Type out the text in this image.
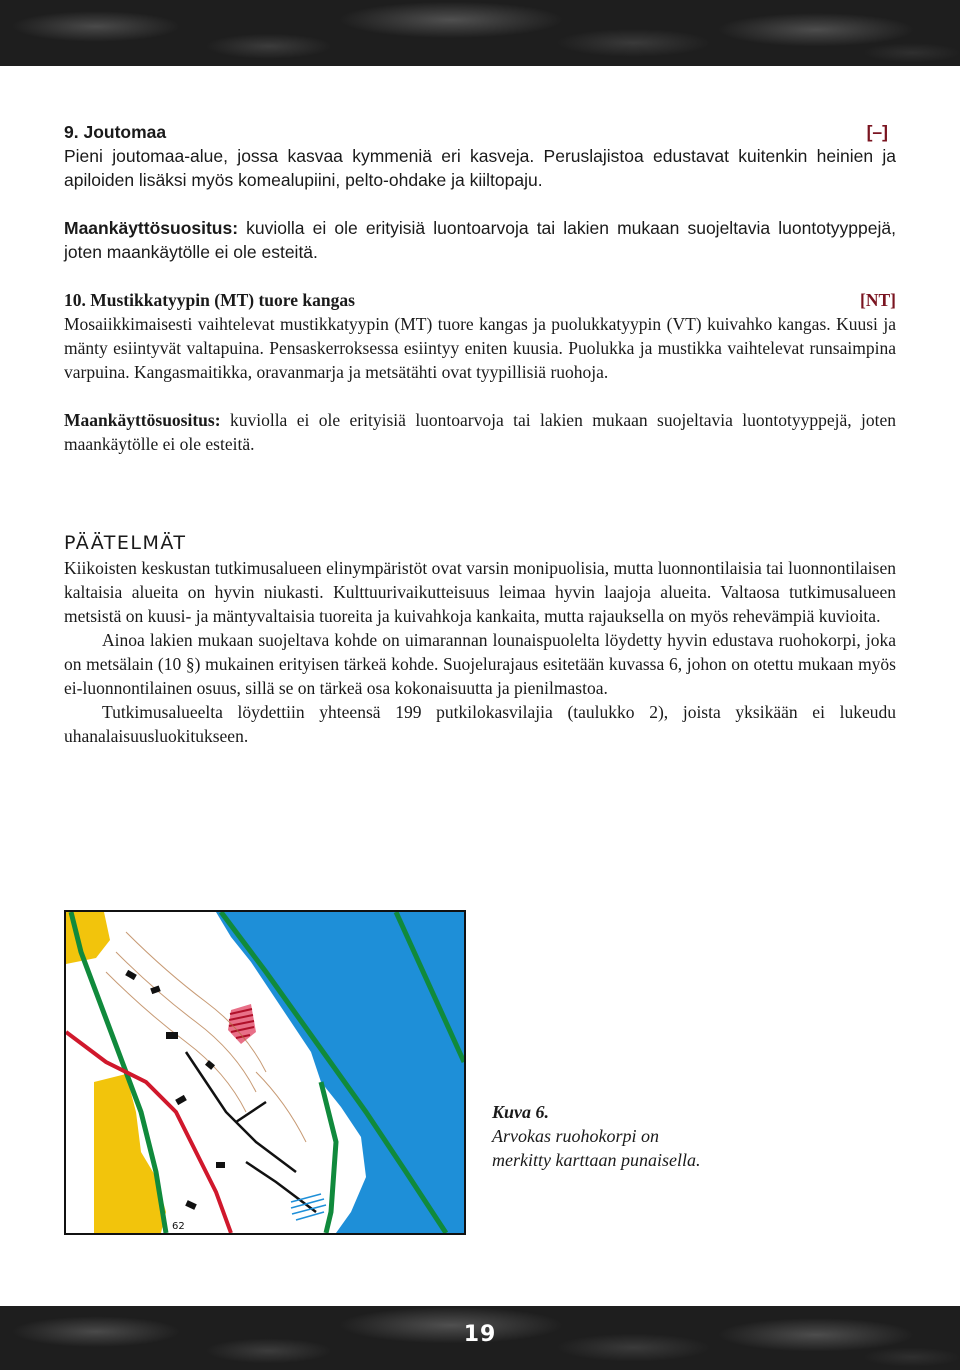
9. Joutomaa	[–]

Pieni joutomaa-alue, jossa kasvaa kymmeniä eri kasveja. Peruslajistoa edustavat kuitenkin heinien ja apiloiden lisäksi myös komealupiini, pelto-ohdake ja kiiltopaju.

Maankäyttösuositus: kuviolla ei ole erityisiä luontoarvoja tai lakien mukaan suojeltavia luontotyyppejä, joten maankäytölle ei ole esteitä.

10. Mustikkatyypin (MT) tuore kangas	[NT]

Mosaiikkimaisesti vaihtelevat mustikkatyypin (MT) tuore kangas ja puolukkatyypin (VT) kuivahko kangas. Kuusi ja mänty esiintyvät valtapuina. Pensaskerroksessa esiintyy eniten kuusia. Puolukka ja mustikka vaihtelevat runsaimpina varpuina. Kangasmaitikka, oravanmarja ja metsätähti ovat tyypillisiä ruohoja.

Maankäyttösuositus: kuviolla ei ole erityisiä luontoarvoja tai lakien mukaan suojeltavia luontotyyppejä, joten maankäytölle ei ole esteitä.

PÄÄTELMÄT

Kiikoisten keskustan tutkimusalueen elinympäristöt ovat varsin monipuolisia, mutta luonnontilaisia tai luonnontilaisen kaltaisia alueita on hyvin niukasti. Kulttuurivaikutteisuus leimaa hyvin laajoja alueita. Valtaosa tutkimusalueen metsistä on kuusi- ja mäntyvaltaisia tuoreita ja kuivahkoja kankaita, mutta rajauksella on myös rehevämpiä kuvioita.

Ainoa lakien mukaan suojeltava kohde on uimarannan lounaispuolelta löydetty hyvin edustava ruohokorpi, joka on metsälain (10 §) mukainen erityisen tärkeä kohde. Suojelurajaus esitetään kuvassa 6, johon on otettu mukaan myös ei-luonnontilainen osuus, sillä se on tärkeä osa kokonaisuutta ja pienilmastoa.

Tutkimusalueelta löydettiin yhteensä 199 putkilokasvilajia (taulukko 2), joista yksikään ei lukeudu uhanalaisuusluokitukseen.

62
Kuva 6.
Arvokas ruohokorpi on
merkitty karttaan punaisella.
19
